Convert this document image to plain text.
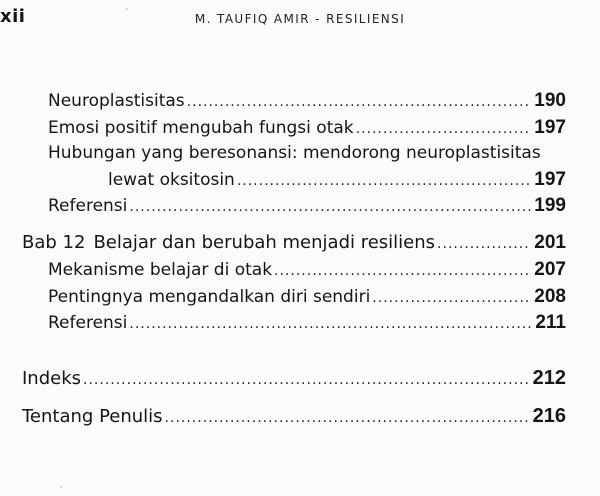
xii	M. TAUFIQ AMIR - RESILIENSI
Neuroplastisitas .....	190
Emosi positif mengubah fungsi otak .....	197
Hubungan yang beresonansi: mendorong neuroplastisitas
lewat oksitosin .....	197
Referensi .....	199
Bab 12 Belajar dan berubah menjadi resiliens .....	201
Mekanisme belajar di otak .....	207
Pentingnya mengandalkan diri sendiri .....	208
Referensi .....	211
Indeks .....	212
Tentang Penulis .....	216
